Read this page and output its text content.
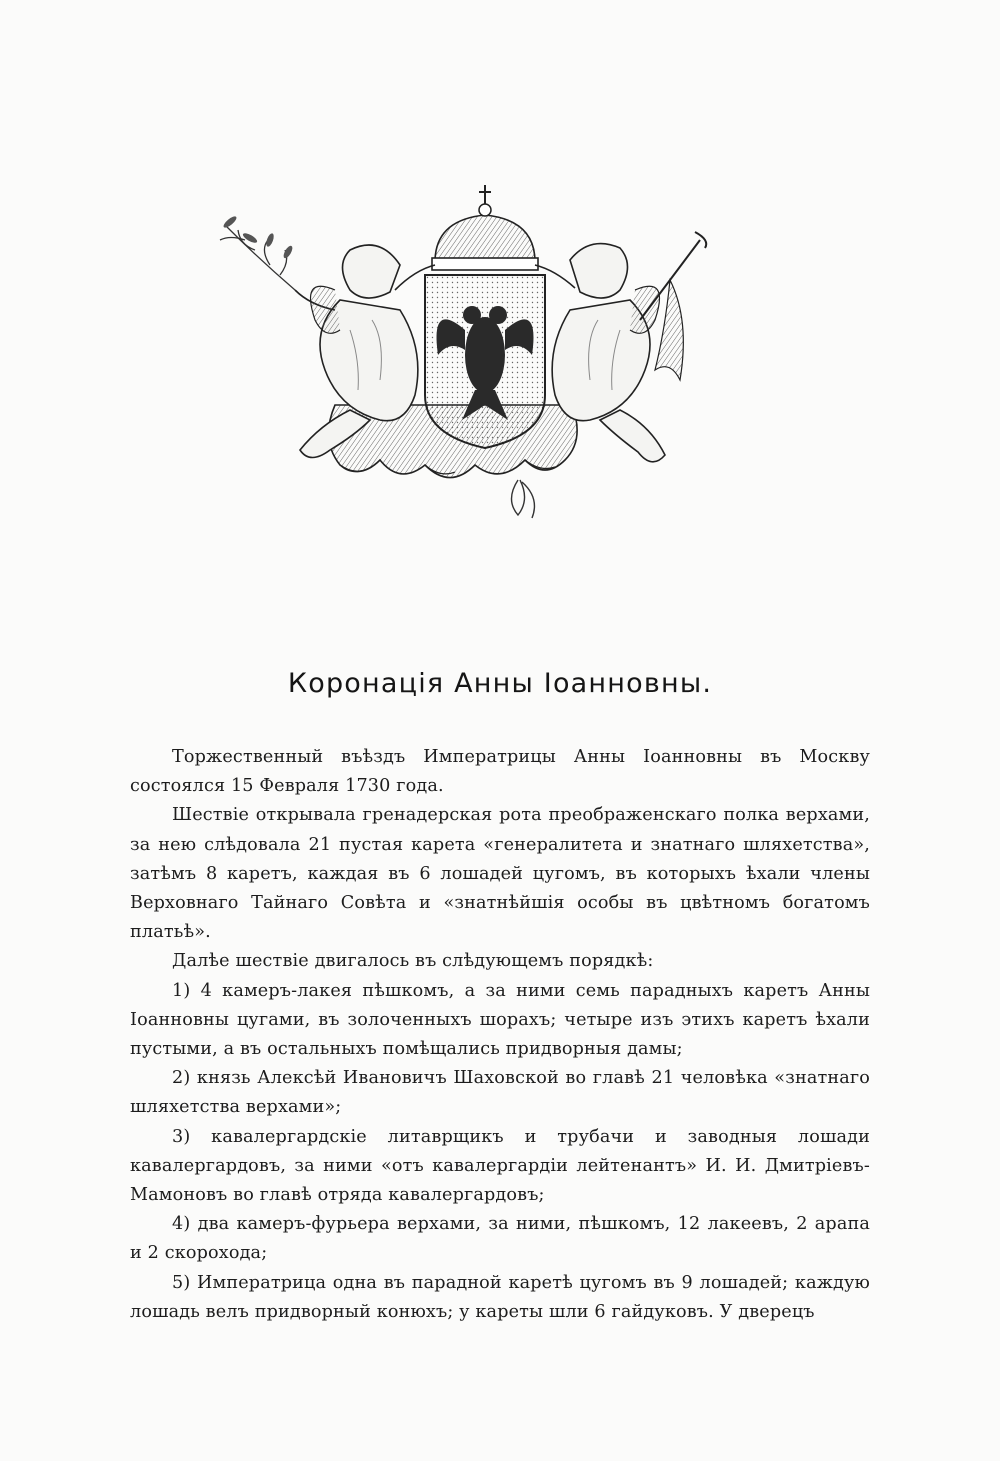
Коронація Анны Іоанновны.

Торжественный въѣздъ Императрицы Анны Іоанновны въ Москву состоялся 15 Февраля 1730 года.

Шествіе открывала гренадерская рота преображенскаго полка верхами, за нею слѣдовала 21 пустая карета «генералитета и знатнаго шляхетства», затѣмъ 8 каретъ, каждая въ 6 лошадей цугомъ, въ которыхъ ѣхали члены Верховнаго Тайнаго Совѣта и «знатнѣйшія особы въ цвѣтномъ богатомъ платьѣ».

Далѣе шествіе двигалось въ слѣдующемъ порядкѣ:

1) 4 камеръ-лакея пѣшкомъ, а за ними семь парадныхъ каретъ Анны Іоанновны цугами, въ золоченныхъ шорахъ; четыре изъ этихъ каретъ ѣхали пустыми, а въ остальныхъ помѣщались придворныя дамы;

2) князь Алексѣй Ивановичъ Шаховской во главѣ 21 человѣка «знатнаго шляхетства верхами»;

3) кавалергардскіе литаврщикъ и трубачи и заводныя лошади кавалергардовъ, за ними «отъ кавалергардіи лейтенантъ» И. И. Дмитріевъ-Мамоновъ во главѣ отряда кавалергардовъ;

4) два камеръ-фурьера верхами, за ними, пѣшкомъ, 12 лакеевъ, 2 арапа и 2 скорохода;

5) Императрица одна въ парадной каретѣ цугомъ въ 9 лошадей; каждую лошадь велъ придворный конюхъ; у кареты шли 6 гайдуковъ. У дверецъ
